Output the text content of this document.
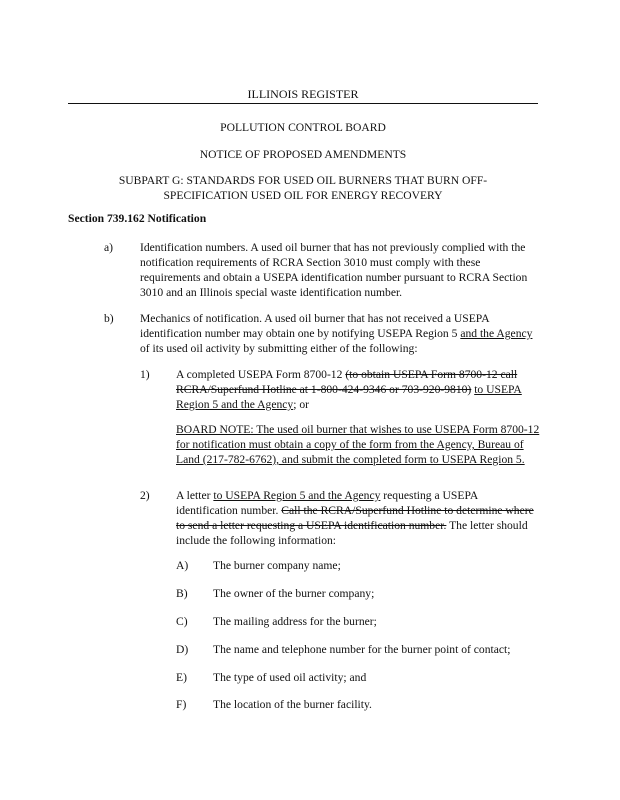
ILLINOIS REGISTER
POLLUTION CONTROL BOARD
NOTICE OF PROPOSED AMENDMENTS
SUBPART G: STANDARDS FOR USED OIL BURNERS THAT BURN OFF-
SPECIFICATION USED OIL FOR ENERGY RECOVERY
Section 739.162 Notification
a) Identification numbers. A used oil burner that has not previously complied with the notification requirements of RCRA Section 3010 must comply with these requirements and obtain a USEPA identification number pursuant to RCRA Section 3010 and an Illinois special waste identification number.
b) Mechanics of notification. A used oil burner that has not received a USEPA identification number may obtain one by notifying USEPA Region 5 and the Agency of its used oil activity by submitting either of the following:
1) A completed USEPA Form 8700-12 (to obtain USEPA Form 8700-12 call RCRA/Superfund Hotline at 1-800-424-9346 or 703-920-9810) to USEPA Region 5 and the Agency; or
BOARD NOTE: The used oil burner that wishes to use USEPA Form 8700-12 for notification must obtain a copy of the form from the Agency, Bureau of Land (217-782-6762), and submit the completed form to USEPA Region 5.
2) A letter to USEPA Region 5 and the Agency requesting a USEPA identification number. Call the RCRA/Superfund Hotline to determine where to send a letter requesting a USEPA identification number. The letter should include the following information:
A) The burner company name;
B) The owner of the burner company;
C) The mailing address for the burner;
D) The name and telephone number for the burner point of contact;
E) The type of used oil activity; and
F) The location of the burner facility.
